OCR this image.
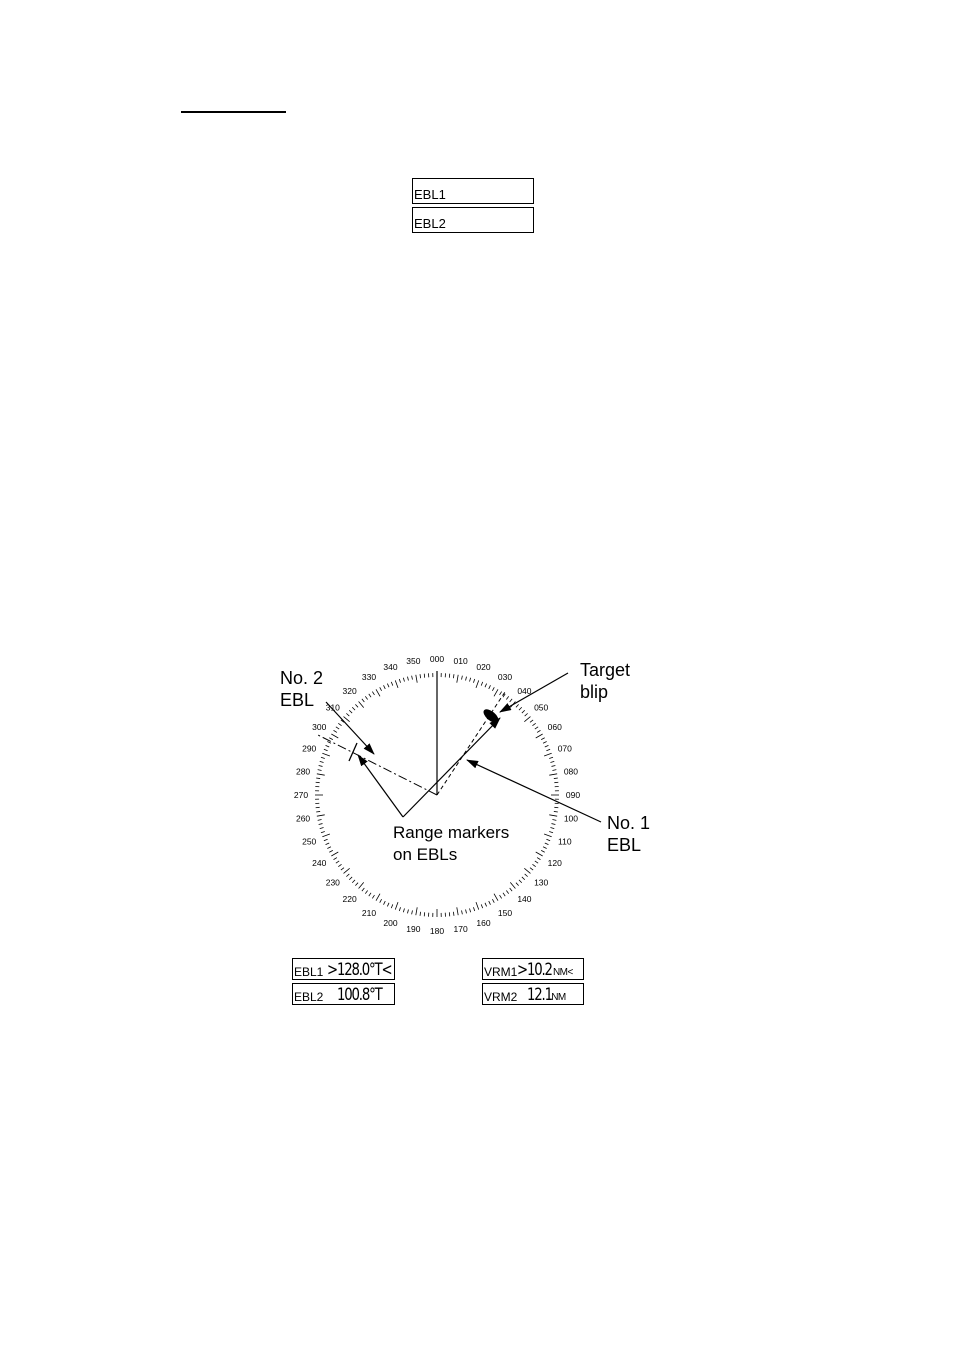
EBL1
EBL2
000 010
020
030
040
050
060
070
080
090
100
110
120
130
140
150
160
170
180
190
200
210
220
230
240
250
260
270
280
290
300
310
320
330
340
350
No. 2
EBL
Target
blip
No. 1
EBL
Range markers
on EBLs
EBL1 >128.0°T<
EBL2 100.8°T
VRM1 >10.2 NM<
VRM2 12.1 NM
